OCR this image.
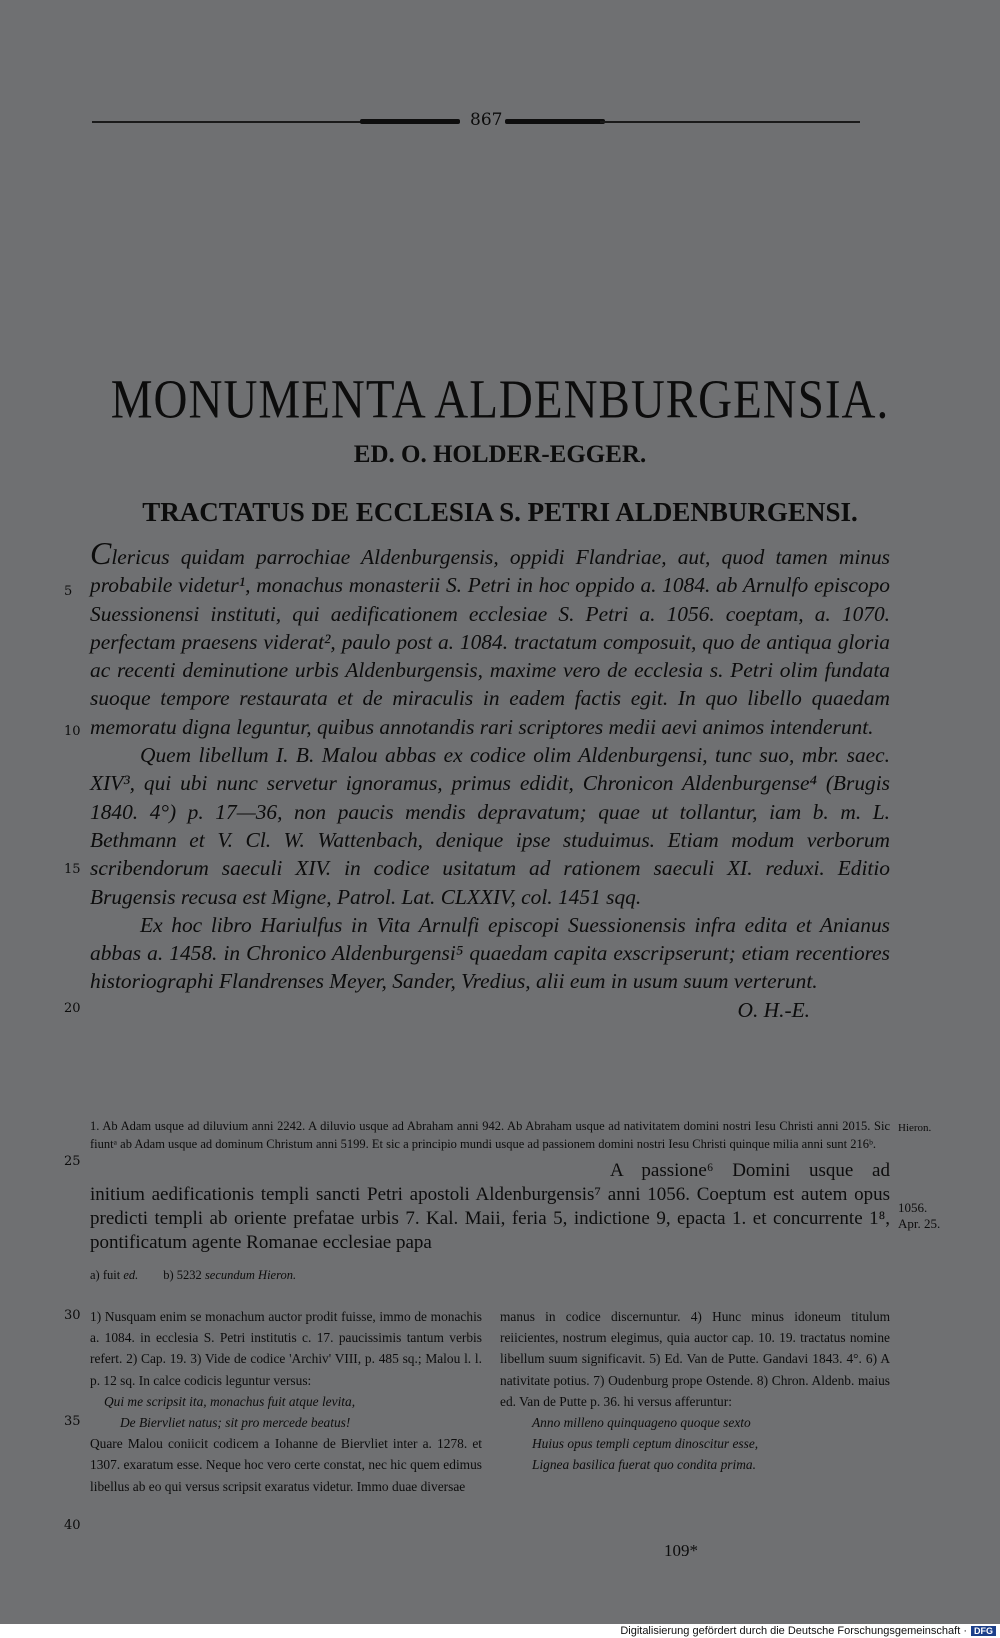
867
MONUMENTA ALDENBURGENSIA.
ED. O. HOLDER-EGGER.
TRACTATUS DE ECCLESIA S. PETRI ALDENBURGENSI.

Clericus quidam parrochiae Aldenburgensis, oppidi Flandriae, aut, quod tamen minus probabile videtur¹, monachus monasterii S. Petri in hoc oppido a. 1084. ab Arnulfo episcopo Suessionensi instituti, qui aedificationem ecclesiae S. Petri a. 1056. coeptam, a. 1070. perfectam praesens viderat², paulo post a. 1084. tractatum composuit, quo de antiqua gloria ac recenti deminutione urbis Aldenburgensis, maxime vero de ecclesia s. Petri olim fundata suoque tempore restaurata et de miraculis in eadem factis egit. In quo libello quaedam memoratu digna leguntur, quibus annotandis rari scriptores medii aevi animos intenderunt.

Quem libellum I. B. Malou abbas ex codice olim Aldenburgensi, tunc suo, mbr. saec. XIV³, qui ubi nunc servetur ignoramus, primus edidit, Chronicon Aldenburgense⁴ (Brugis 1840. 4°) p. 17—36, non paucis mendis depravatum; quae ut tollantur, iam b. m. L. Bethmann et V. Cl. W. Wattenbach, denique ipse studuimus. Etiam modum verborum scribendorum saeculi XIV. in codice usitatum ad rationem saeculi XI. reduxi. Editio Brugensis recusa est Migne, Patrol. Lat. CLXXIV, col. 1451 sqq.

Ex hoc libro Hariulfus in Vita Arnulfi episcopi Suessionensis infra edita et Anianus abbas a. 1458. in Chronico Aldenburgensi⁵ quaedam capita exscripserunt; etiam recentiores historiographi Flandrenses Meyer, Sander, Vredius, alii eum in usum suum verterunt.
O. H.-E.

5
10
15
20
25
30
35
40
1. Ab Adam usque ad diluvium anni 2242. A diluvio usque ad Abraham anni 942. Ab Abraham usque ad nativitatem domini nostri Iesu Christi anni 2015. Sic fiuntᵃ ab Adam usque ad dominum Christum anni 5199. Et sic a principio mundi usque ad passionem domini nostri Iesu Christi quinque milia anni sunt 216ᵇ.
A passione⁶ Domini usque ad initium aedificationis templi sancti Petri apostoli Aldenburgensis⁷ anni 1056. Coeptum est autem opus predicti templi ab oriente prefatae urbis 7. Kal. Maii, feria 5, indictione 9, epacta 1. et concurrente 1⁸, pontificatum agente Romanae ecclesiae papa
Hieron.
1056.
Apr. 25.
a) fuit ed. b) 5232 secundum Hieron.
1) Nusquam enim se monachum auctor prodit fuisse, immo de monachis a. 1084. in ecclesia S. Petri institutis c. 17. paucissimis tantum verbis refert. 2) Cap. 19. 3) Vide de codice 'Archiv' VIII, p. 485 sq.; Malou l. l. p. 12 sq. In calce codicis leguntur versus:
Qui me scripsit ita, monachus fuit atque levita,
De Biervliet natus; sit pro mercede beatus!
Quare Malou coniicit codicem a Iohanne de Biervliet inter a. 1278. et 1307. exaratum esse. Neque hoc vero certe constat, nec hic quem edimus libellus ab eo qui versus scripsit exaratus videtur. Immo duae diversae
manus in codice discernuntur. 4) Hunc minus idoneum titulum reiicientes, nostrum elegimus, quia auctor cap. 10. 19. tractatus nomine libellum suum significavit. 5) Ed. Van de Putte. Gandavi 1843. 4°. 6) A nativitate potius. 7) Oudenburg prope Ostende. 8) Chron. Aldenb. maius ed. Van de Putte p. 36. hi versus afferuntur:
Anno milleno quinquageno quoque sexto
Huius opus templi ceptum dinoscitur esse,
Lignea basilica fuerat quo condita prima.
109*
Digitalisierung gefördert durch die Deutsche Forschungsgemeinschaft · DFG
